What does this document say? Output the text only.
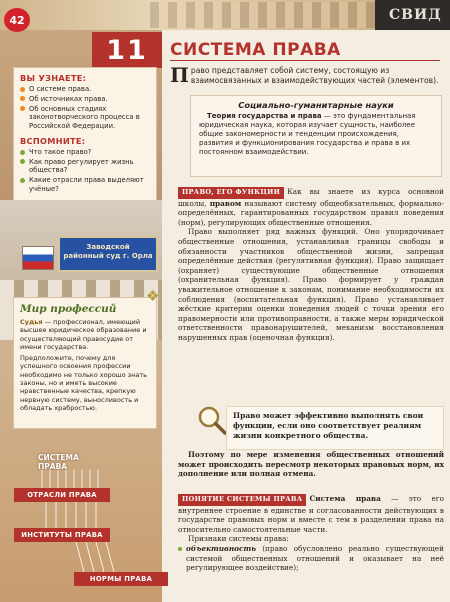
СВИД
42
11
ВЫ УЗНАЕТЕ:
О системе права.
Об источниках права.
Об основных стадиях законотворческого процесса в Российской Федерации.
ВСПОМНИТЕ:
Что такое право?
Как право регулирует жизнь общества?
Какие отрасли права выделяют учёные?
Заводской
районный суд г. Орла
❖
Мир профессий

Судья — профессионал, имеющий высшее юридическое образование и осуществляющий правосудие от имени государства.

Предположите, почему для успешного освоения профессии необходимо не только хорошо знать законы, но и иметь высокие нравственные качества, крепкую нервную систему, выносливость и обладать храбростью.

СИСТЕМА
ПРАВА
ОТРАСЛИ ПРАВА
ИНСТИТУТЫ ПРАВА
НОРМЫ ПРАВА
СИСТЕМА ПРАВА
Право представляет собой систему, состоящую из взаимосвязанных и взаимодействующих частей (элементов).
Социально-гуманитарные науки

Теория государства и права — это фундаментальная юридическая наука, которая изучает сущность, наиболее общие закономерности и тенденции происхождения, развития и функционирования государства и права в их постоянном взаимодействии.

ПРАВО, ЕГО ФУНКЦИИ Как вы знаете из курса основной школы, правом называют систему общеобязательных, формально-определённых, гарантированных государством правил поведения (норм), регулирующих общественные отношения.

Право выполняет ряд важных функций. Оно упорядочивает общественные отношения, устанавливая границы свободы и обязанности участников общественной жизни, запрещая определённые действия (регулятивная функция). Право защищает (охраняет) существующие общественные отношения (охранительная функция). Право формирует у граждан уважительное отношение к законам, понимание необходимости их соблюдения (воспитательная функция). Право устанавливает жёсткие критерии оценки поведения людей с точки зрения его правомерности или противоправности, а также меры юридической ответственности правонарушителей, механизм восстановления нарушенных прав (оценочная функция).

Право может эффективно выполнять свои функции, если оно соответствует реалиям жизни конкретного общества.
Поэтому по мере изменения общественных отношений может происходить пересмотр некоторых правовых норм, их дополнение или полная отмена.

ПОНЯТИЕ СИСТЕМЫ ПРАВА Система права — это его внутреннее строение в единстве и согласованности действующих в государстве правовых норм и вместе с тем в разделении права на относительно самостоятельные части.

Признаки системы права:

объективность (право обусловлено реально существующей системой общественных отношений и оказывает на неё регулирующее воздействие);
